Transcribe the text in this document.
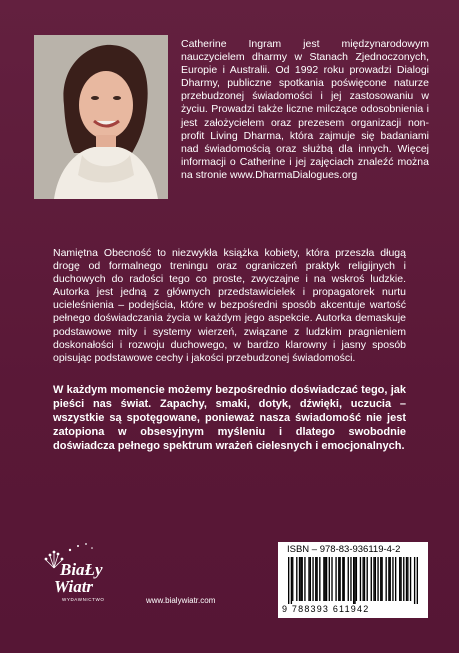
Catherine Ingram jest międzynarodowym nauczycielem dharmy w Stanach Zjednoczonych, Europie i Australii. Od 1992 roku prowadzi Dialogi Dharmy, publiczne spotkania poświęcone naturze przebudzonej świadomości i jej zastosowaniu w życiu. Prowadzi także liczne milczące odosobnienia i jest założycielem oraz prezesem organizacji non-profit Living Dharma, która zajmuje się badaniami nad świadomością oraz służbą dla innych. Więcej informacji o Catherine i jej zajęciach znaleźć można na stronie www.DharmaDialogues.org
Namiętna Obecność to niezwykła książka kobiety, która przeszła długą drogę od formalnego treningu oraz ograniczeń praktyk religijnych i duchowych do radości tego co proste, zwyczajne i na wskroś ludzkie. Autorka jest jedną z głównych przedstawicielek i propagatorek nurtu ucieleśnienia – podejścia, które w bezpośredni sposób akcentuje wartość pełnego doświadczania życia w każdym jego aspekcie. Autorka demaskuje podstawowe mity i systemy wierzeń, związane z ludzkim pragnieniem doskonałości i rozwoju duchowego, w bardzo klarowny i jasny sposób opisując podstawowe cechy i jakości przebudzonej świadomości.
W każdym momencie możemy bezpośrednio doświadczać tego, jak pieści nas świat. Zapachy, smaki, dotyk, dźwięki, uczucia – wszystkie są spotęgowane, ponieważ nasza świadomość nie jest zatopiona w obsesyjnym myśleniu i dlatego swobodnie doświadcza pełnego spektrum wrażeń cielesnych i emocjonalnych.
BiaŁy
Wiatr
WYDAWNICTWO	www.bialywiatr.com
ISBN – 978-83-936119-4-2
9 788393 611942
